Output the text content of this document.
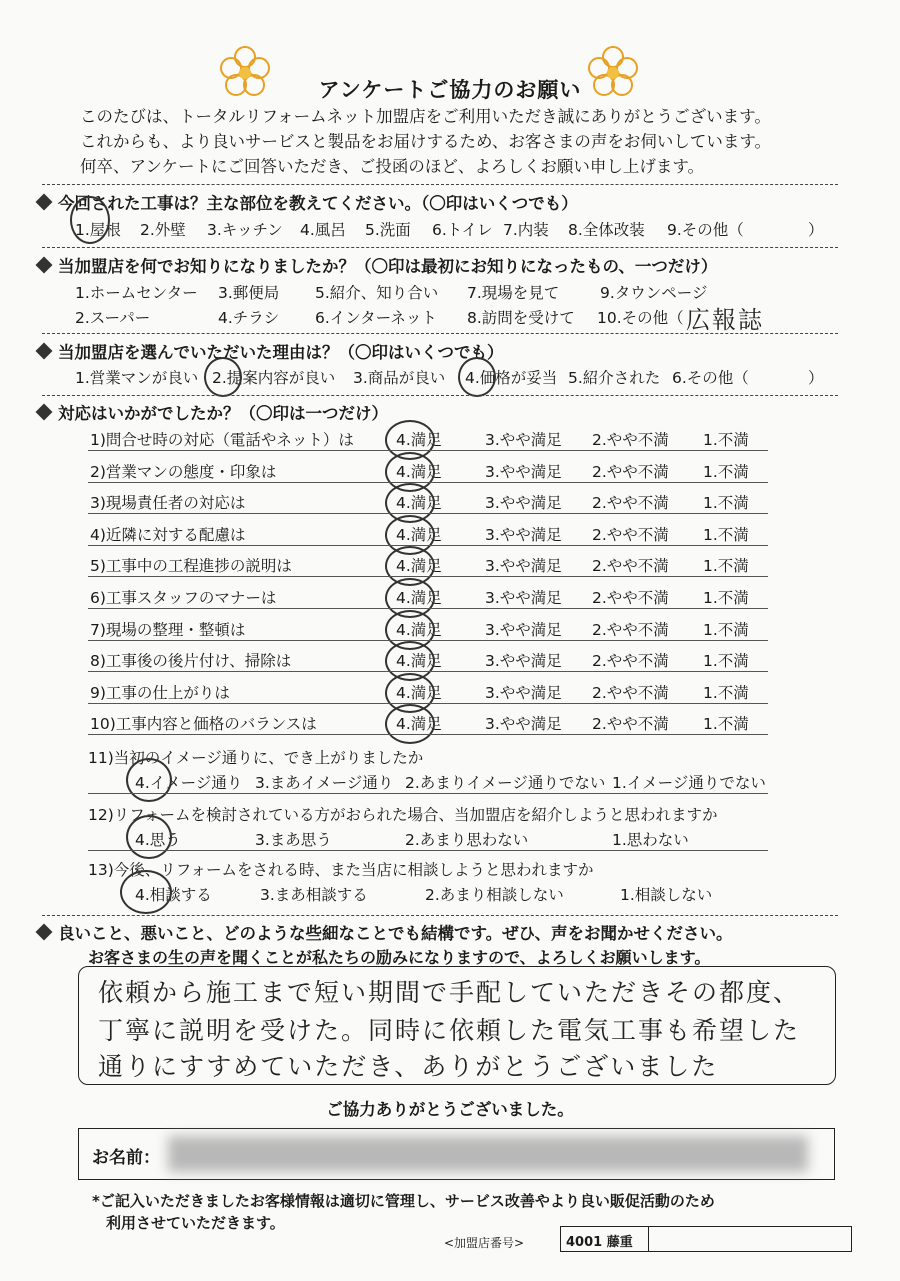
アンケートご協力のお願い
このたびは、トータルリフォームネット加盟店をご利用いただき誠にありがとうございます。
これからも、より良いサービスと製品をお届けするため、お客さまの声をお伺いしています。
何卒、アンケートにご回答いただき、ご投函のほど、よろしくお願い申し上げます。
今回された工事は？主な部位を教えてください。（〇印はいくつでも）
1.屋根 2.外壁 3.キッチン 4.風呂 5.洗面 6.トイレ 7.内装 8.全体改装 9.その他（	）
当加盟店を何でお知りになりましたか？（〇印は最初にお知りになったもの、一つだけ）
1.ホームセンター 3.郵便局 5.紹介、知り合い 7.現場を見て	9.タウンページ
2.スーパー	4.チラシ 6.インターネット 8.訪問を受けて 10.その他（ 広報誌
当加盟店を選んでいただいた理由は？（〇印はいくつでも）
1.営業マンが良い 2.提案内容が良い 3.商品が良い 4.価格が妥当 5.紹介された 6.その他（	）
対応はいかがでしたか？（〇印は一つだけ）
1)問合せ時の対応（電話やネット）は	4.満足	3.やや満足 2.やや不満 1.不満
2)営業マンの態度・印象は	4.満足	3.やや満足 2.やや不満 1.不満
3)現場責任者の対応は	4.満足	3.やや満足 2.やや不満 1.不満
4)近隣に対する配慮は	4.満足	3.やや満足 2.やや不満 1.不満
5)工事中の工程進捗の説明は	4.満足	3.やや満足 2.やや不満 1.不満
6)工事スタッフのマナーは	4.満足	3.やや満足 2.やや不満 1.不満
7)現場の整理・整頓は	4.満足	3.やや満足 2.やや不満 1.不満
8)工事後の後片付け、掃除は	4.満足	3.やや満足 2.やや不満 1.不満
9)工事の仕上がりは	4.満足	3.やや満足 2.やや不満 1.不満
10)工事内容と価格のバランスは	4.満足	3.やや満足 2.やや不満 1.不満
11)当初のイメージ通りに、でき上がりましたか
4.イメージ通り 3.まあイメージ通り 2.あまりイメージ通りでない 1.イメージ通りでない
12)リフォームを検討されている方がおられた場合、当加盟店を紹介しようと思われますか
4.思う	3.まあ思う	2.あまり思わない	1.思わない
13)今後、リフォームをされる時、また当店に相談しようと思われますか
4.相談する	3.まあ相談する	2.あまり相談しない	1.相談しない
良いこと、悪いこと、どのような些細なことでも結構です。ぜひ、声をお聞かせください。
お客さまの生の声を聞くことが私たちの励みになりますので、よろしくお願いします。
依頼から施工まで短い期間で手配していただきその都度、
丁寧に説明を受けた。同時に依頼した電気工事も希望した
通りにすすめていただき、ありがとうございました
ご協力ありがとうございました。
お名前：
*ご記入いただきましたお客様情報は適切に管理し、サービス改善やより良い販促活動のため
利用させていただきます。
<加盟店番号>	4001 藤重
